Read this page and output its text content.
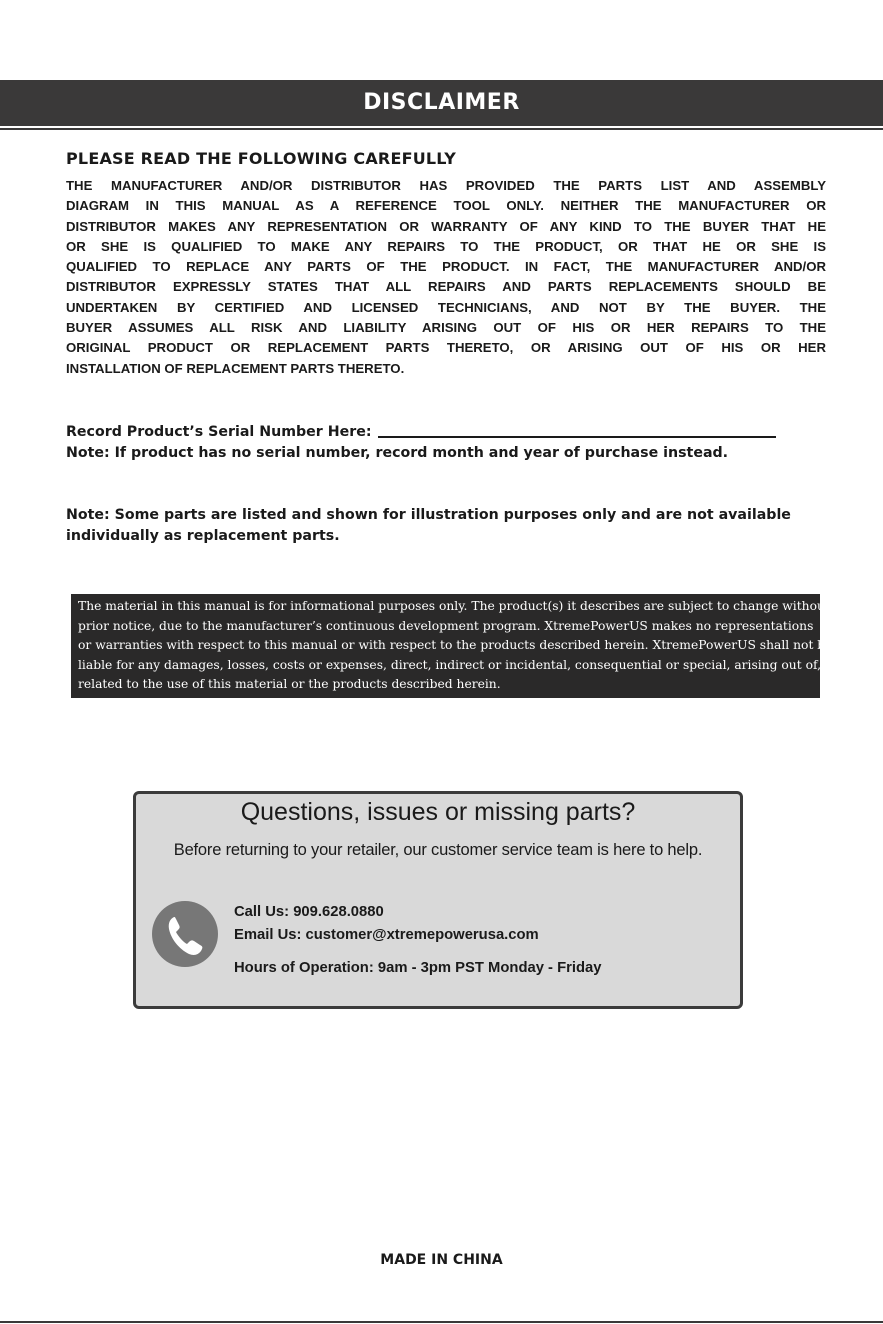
DISCLAIMER
PLEASE READ THE FOLLOWING CAREFULLY
THE MANUFACTURER AND/OR DISTRIBUTOR HAS PROVIDED THE PARTS LIST AND ASSEMBLY
DIAGRAM IN THIS MANUAL AS A REFERENCE TOOL ONLY. NEITHER THE MANUFACTURER OR
DISTRIBUTOR MAKES ANY REPRESENTATION OR WARRANTY OF ANY KIND TO THE BUYER THAT HE
OR SHE IS QUALIFIED TO MAKE ANY REPAIRS TO THE PRODUCT, OR THAT HE OR SHE IS
QUALIFIED TO REPLACE ANY PARTS OF THE PRODUCT. IN FACT, THE MANUFACTURER AND/OR
DISTRIBUTOR EXPRESSLY STATES THAT ALL REPAIRS AND PARTS REPLACEMENTS SHOULD BE
UNDERTAKEN BY CERTIFIED AND LICENSED TECHNICIANS, AND NOT BY THE BUYER. THE
BUYER ASSUMES ALL RISK AND LIABILITY ARISING OUT OF HIS OR HER REPAIRS TO THE
ORIGINAL PRODUCT OR REPLACEMENT PARTS THERETO, OR ARISING OUT OF HIS OR HER
INSTALLATION OF REPLACEMENT PARTS THERETO.
Record Product’s Serial Number Here:
Note: If product has no serial number, record month and year of purchase instead.
Note: Some parts are listed and shown for illustration purposes only and are not available
individually as replacement parts.
The material in this manual is for informational purposes only. The product(s) it describes are subject to change without
prior notice, due to the manufacturer’s continuous development program. XtremePowerUS makes no representations
or warranties with respect to this manual or with respect to the products described herein. XtremePowerUS shall not be
liable for any damages, losses, costs or expenses, direct, indirect or incidental, consequential or special, arising out of, or
related to the use of this material or the products described herein.
Questions, issues or missing parts?
Before returning to your retailer, our customer service team is here to help.
Call Us: 909.628.0880
Email Us: customer@xtremepowerusa.com
Hours of Operation: 9am - 3pm PST Monday - Friday
MADE IN CHINA
